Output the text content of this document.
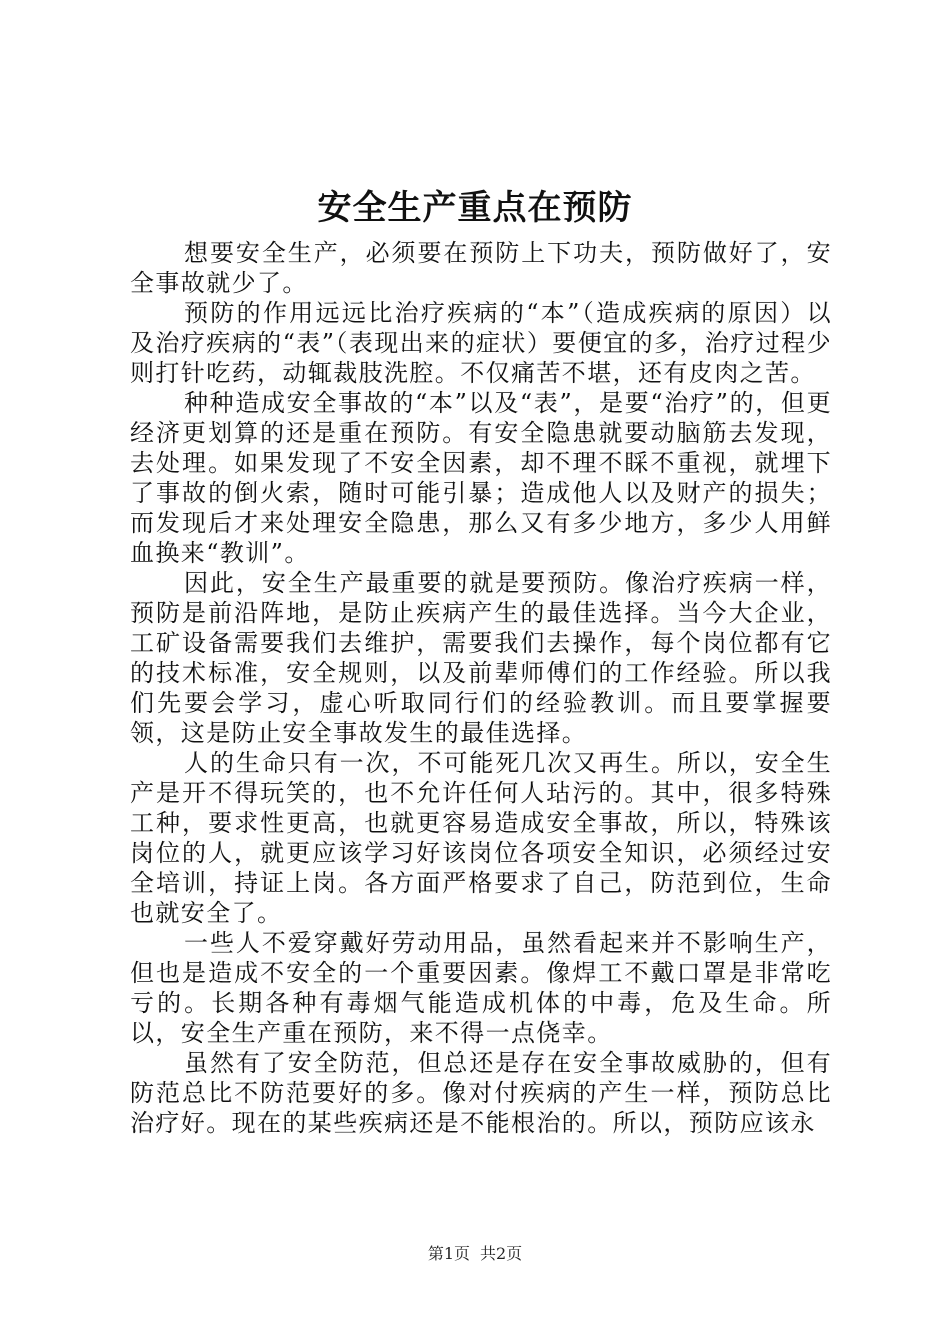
安全生产重点在预防

想要安全生产，必须要在预防上下功夫，预防做好了，安全事故就少了。

预防的作用远远比治疗疾病的“本”（造成疾病的原因）以及治疗疾病的“表”（表现出来的症状）要便宜的多，治疗过程少则打针吃药，动辄裁肢洗腔。不仅痛苦不堪，还有皮肉之苦。

种种造成安全事故的“本”以及“表”，是要“治疗”的，但更经济更划算的还是重在预防。有安全隐患就要动脑筋去发现，去处理。如果发现了不安全因素，却不理不睬不重视，就埋下了事故的倒火索，随时可能引暴；造成他人以及财产的损失；而发现后才来处理安全隐患，那么又有多少地方，多少人用鲜血换来“教训”。

因此，安全生产最重要的就是要预防。像治疗疾病一样，预防是前沿阵地，是防止疾病产生的最佳选择。当今大企业，工矿设备需要我们去维护，需要我们去操作，每个岗位都有它的技术标准，安全规则，以及前辈师傅们的工作经验。所以我们先要会学习，虚心听取同行们的经验教训。而且要掌握要领，这是防止安全事故发生的最佳选择。

人的生命只有一次，不可能死几次又再生。所以，安全生产是开不得玩笑的，也不允许任何人玷污的。其中，很多特殊工种，要求性更高，也就更容易造成安全事故，所以，特殊该岗位的人，就更应该学习好该岗位各项安全知识，必须经过安全培训，持证上岗。各方面严格要求了自己，防范到位，生命也就安全了。

一些人不爱穿戴好劳动用品，虽然看起来并不影响生产，但也是造成不安全的一个重要因素。像焊工不戴口罩是非常吃亏的。长期各种有毒烟气能造成机体的中毒，危及生命。所以，安全生产重在预防，来不得一点侥幸。

虽然有了安全防范，但总还是存在安全事故威胁的，但有防范总比不防范要好的多。像对付疾病的产生一样，预防总比治疗好。现在的某些疾病还是不能根治的。所以，预防应该永

第1页 共2页
